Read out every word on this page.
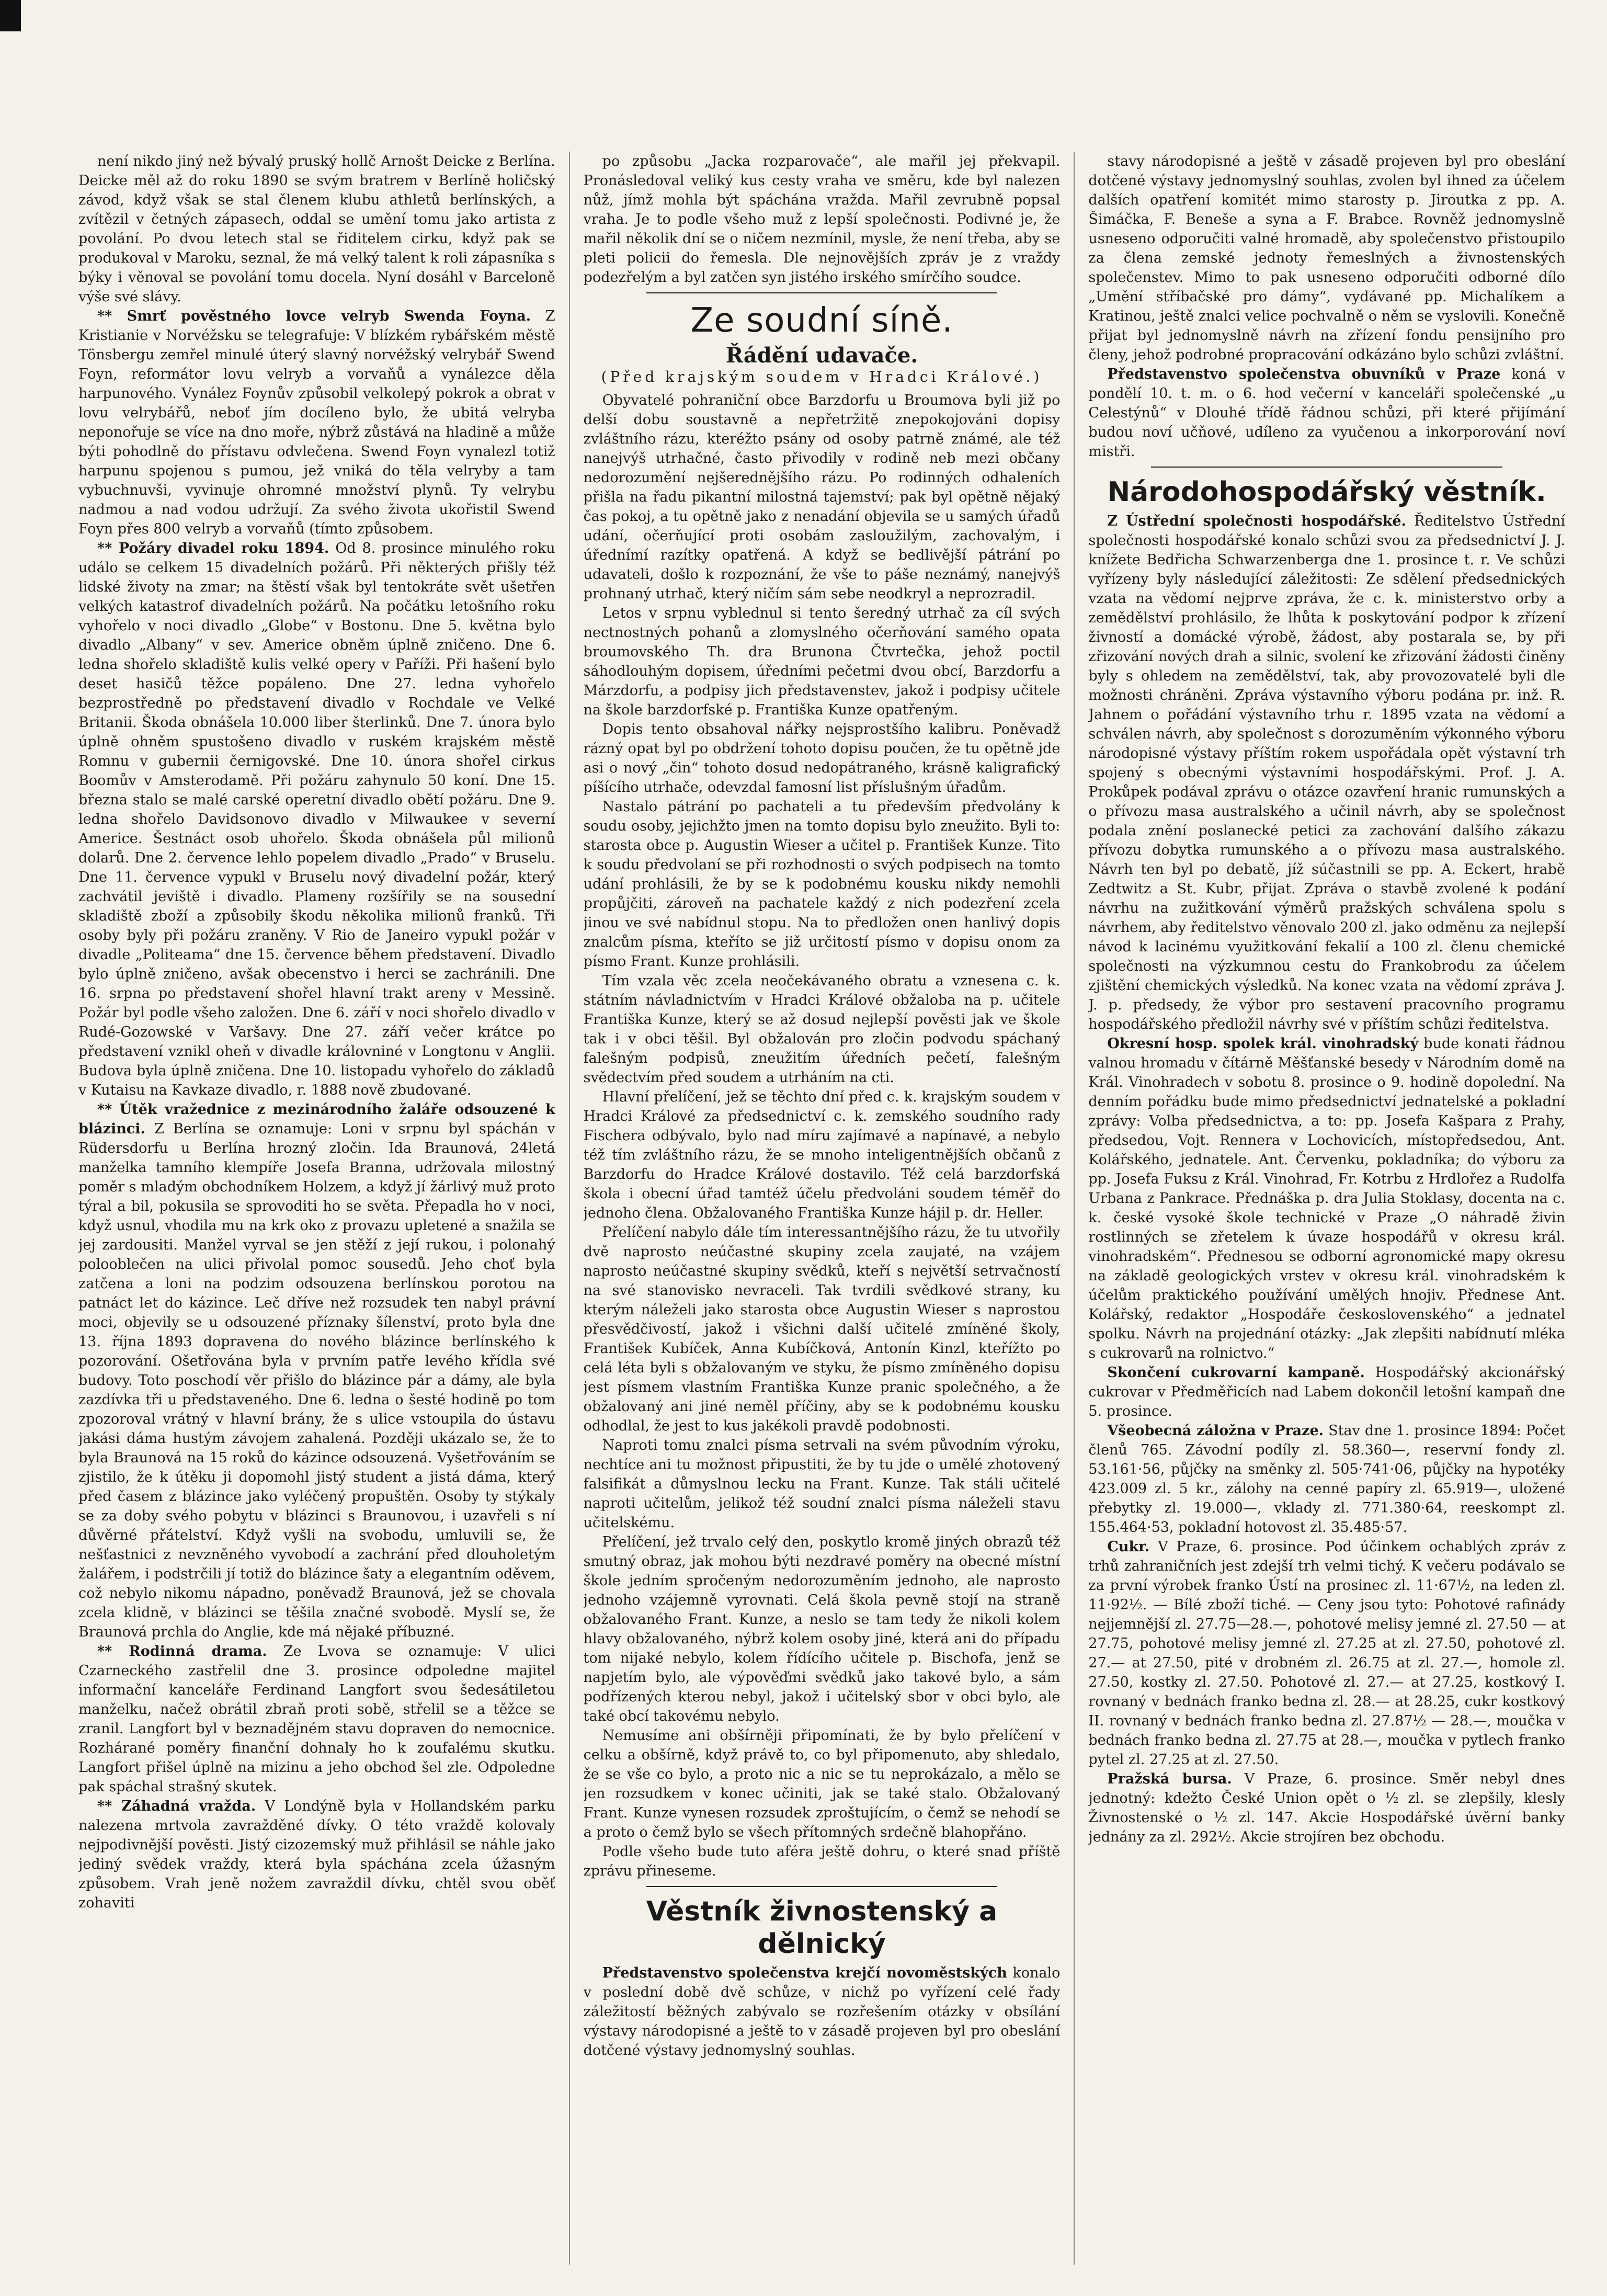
není nikdo jiný než bývalý pruský hollč Arnošt Deicke z Berlína. Deicke měl až do roku 1890 se svým bratrem v Berlíně holičský závod, když však se stal členem klubu athletů berlínských, a zvítězil v četných zápasech, oddal se umění tomu jako artista z povolání. Po dvou letech stal se řiditelem cirku, když pak se produkoval v Maroku, seznal, že má velký talent k roli zápasníka s býky i věnoval se povolání tomu docela. Nyní dosáhl v Barceloně výše své slávy.

** Smrť pověstného lovce velryb Swenda Foyna. Z Kristianie v Norvéžsku se telegrafuje: V blízkém rybářském městě Tönsbergu zemřel minulé úterý slavný norvéžský velrybář Swend Foyn, reformátor lovu velryb a vorvaňů a vynálezce děla harpunového. Vynález Foynův způsobil velkolepý pokrok a obrat v lovu velrybářů, neboť jím docíleno bylo, že ubitá velryba neponořuje se více na dno moře, nýbrž zůstává na hladině a může býti pohodlně do přístavu odvlečena. Swend Foyn vynalezl totiž harpunu spojenou s pumou, jež vniká do těla velryby a tam vybuchnuvši, vyvinuje ohromné množství plynů. Ty velrybu nadmou a nad vodou udržují. Za svého života ukořistil Swend Foyn přes 800 velryb a vorvaňů (tímto způsobem.

** Požáry divadel roku 1894. Od 8. prosince minulého roku událo se celkem 15 divadelních požárů. Při některých přišly též lidské životy na zmar; na štěstí však byl tentokráte svět ušetřen velkých katastrof divadelních požárů. Na počátku letošního roku vyhořelo v noci divadlo „Globe“ v Bostonu. Dne 5. května bylo divadlo „Albany“ v sev. Americe obněm úplně zničeno. Dne 6. ledna shořelo skladiště kulis velké opery v Paříži. Při hašení bylo deset hasičů těžce popáleno. Dne 27. ledna vyhořelo bezprostředně po představení divadlo v Rochdale ve Velké Britanii. Škoda obnášela 10.000 liber šterlinků. Dne 7. února bylo úplně ohněm spustošeno divadlo v ruském krajském městě Romnu v gubernii černigovské. Dne 10. února shořel cirkus Boomův v Amsterodamě. Při požáru zahynulo 50 koní. Dne 15. března stalo se malé carské operetní divadlo obětí požáru. Dne 9. ledna shořelo Davidsonovo divadlo v Milwaukee v severní Americe. Šestnáct osob uhořelo. Škoda obnášela půl milionů dolarů. Dne 2. července lehlo popelem divadlo „Prado“ v Bruselu. Dne 11. července vypukl v Bruselu nový divadelní požár, který zachvátil jeviště i divadlo. Plameny rozšířily se na sousední skladiště zboží a způsobily škodu několika milionů franků. Tři osoby byly při požáru zraněny. V Rio de Janeiro vypukl požár v divadle „Politeama“ dne 15. července během představení. Divadlo bylo úplně zničeno, avšak obecenstvo i herci se zachránili. Dne 16. srpna po představení shořel hlavní trakt areny v Messině. Požár byl podle všeho založen. Dne 6. září v noci shořelo divadlo v Rudé-Gozowské v Varšavy. Dne 27. září večer krátce po představení vznikl oheň v divadle královniné v Longtonu v Anglii. Budova byla úplně zničena. Dne 10. listopadu vyhořelo do základů v Kutaisu na Kavkaze divadlo, r. 1888 nově zbudované.

** Útěk vražednice z mezinárodního žaláře odsouzené k blázinci. Z Berlína se oznamuje: Loni v srpnu byl spáchán v Rüdersdorfu u Berlína hrozný zločin. Ida Braunová, 24letá manželka tamního klempíře Josefa Branna, udržovala milostný poměr s mladým obchodníkem Holzem, a když jí žárlivý muž proto týral a bil, pokusila se sprovoditi ho se světa. Přepadla ho v noci, když usnul, vhodila mu na krk oko z provazu upletené a snažila se jej zardousiti. Manžel vyrval se jen stěží z její rukou, i polonahý polooblečen na ulici přivolal pomoc sousedů. Jeho choť byla zatčena a loni na podzim odsouzena berlínskou porotou na patnáct let do kázince. Leč dříve než rozsudek ten nabyl právní moci, objevily se u odsouzené příznaky šílenství, proto byla dne 13. října 1893 dopravena do nového blázince berlínského k pozorování. Ošetřována byla v prvním patře levého křídla své budovy. Toto poschodí věr přišlo do blázince pár a dámy, ale byla zazdívka tři u představeného. Dne 6. ledna o šesté hodině po tom zpozoroval vrátný v hlavní brány, že s ulice vstoupila do ústavu jakási dáma hustým závojem zahalená. Později ukázalo se, že to byla Braunová na 15 roků do kázince odsouzená. Vyšetřováním se zjistilo, že k útěku ji dopomohl jistý student a jistá dáma, který před časem z blázince jako vyléčený propuštěn. Osoby ty stýkaly se za doby svého pobytu v blázinci s Braunovou, i uzavřeli s ní důvěrné přátelství. Když vyšli na svobodu, umluvili se, že nešťastnici z nevzněného vyvobodí a zachrání před dlouholetým žalářem, i podstrčili jí totiž do blázince šaty a elegantním oděvem, což nebylo nikomu nápadno, poněvadž Braunová, jež se chovala zcela klidně, v blázinci se těšila značné svobodě. Myslí se, že Braunová prchla do Anglie, kde má nějaké příbuzné.

** Rodinná drama. Ze Lvova se oznamuje: V ulici Czarneckého zastřelil dne 3. prosince odpoledne majitel informační kanceláře Ferdinand Langfort svou šedesátiletou manželku, načež obrátil zbraň proti sobě, střelil se a těžce se zranil. Langfort byl v beznadějném stavu dopraven do nemocnice. Rozhárané poměry finanční dohnaly ho k zoufalému skutku. Langfort přišel úplně na mizinu a jeho obchod šel zle. Odpoledne pak spáchal strašný skutek.

** Záhadná vražda. V Londýně byla v Hollandském parku nalezena mrtvola zavražděné dívky. O této vraždě kolovaly nejpodivnější pověsti. Jistý cizozemský muž přihlásil se náhle jako jediný svědek vraždy, která byla spáchána zcela úžasným způsobem. Vrah jeně nožem zavraždil dívku, chtěl svou oběť zohaviti

po způsobu „Jacka rozparovače“, ale mařil jej překvapil. Pronásledoval veliký kus cesty vraha ve směru, kde byl nalezen nůž, jímž mohla být spáchána vražda. Mařil zevrubně popsal vraha. Je to podle všeho muž z lepší společnosti. Podivné je, že mařil několik dní se o ničem nezmínil, mysle, že není třeba, aby se pleti policii do řemesla. Dle nejnovějších zpráv je z vraždy podezřelým a byl zatčen syn jistého irského smírčího soudce.

Ze soudní síně.
Řádění udavače.
(Před krajským soudem v Hradci Králové.)

Obyvatelé pohraniční obce Barzdorfu u Broumova byli již po delší dobu soustavně a nepřetržitě znepokojováni dopisy zvláštního rázu, kteréžto psány od osoby patrně známé, ale též nanejvýš utrhačné, často přivodily v rodině neb mezi občany nedorozumění nejšerednějšího rázu. Po rodinných odhaleních přišla na řadu pikantní milostná tajemství; pak byl opětně nějaký čas pokoj, a tu opětně jako z nenadání objevila se u samých úřadů udání, očerňující proti osobám zasloužilým, zachovalým, i úřednímí razítky opatřená. A když se bedlivější pátrání po udavateli, došlo k rozpoznání, že vše to páše neznámý, nanejvýš prohnaný utrhač, který ničím sám sebe neodkryl a neprozradil.

Letos v srpnu vyblednul si tento šeredný utrhač za cíl svých nectnostných pohanů a zlomyslného očerňování samého opata broumovského Th. dra Brunona Čtvrtečka, jehož poctil sáhodlouhým dopisem, úředními pečetmi dvou obcí, Barzdorfu a Márzdorfu, a podpisy jich představenstev, jakož i podpisy učitele na škole barzdorfské p. Františka Kunze opatřeným.

Dopis tento obsahoval nářky nejsprostšího kalibru. Poněvadž rázný opat byl po obdržení tohoto dopisu poučen, že tu opětně jde asi o nový „čin“ tohoto dosud nedopátraného, krásně kaligrafický píšícího utrhače, odevzdal famosní list příslušným úřadům.

Nastalo pátrání po pachateli a tu především předvolány k soudu osoby, jejichžto jmen na tomto dopisu bylo zneužito. Byli to: starosta obce p. Augustin Wieser a učitel p. František Kunze. Tito k soudu předvolaní se při rozhodnosti o svých podpisech na tomto udání prohlásili, že by se k podobnému kousku nikdy nemohli propůjčiti, zároveň na pachatele každý z nich podezření zcela jinou ve své nabídnul stopu. Na to předložen onen hanlivý dopis znalcům písma, kteříto se již určitostí písmo v dopisu onom za písmo Frant. Kunze prohlásili.

Tím vzala věc zcela neočekávaného obratu a vznesena c. k. státním návladnictvím v Hradci Králové obžaloba na p. učitele Františka Kunze, který se až dosud nejlepší pověsti jak ve škole tak i v obci těšil. Byl obžalován pro zločin podvodu spáchaný falešným podpisů, zneužitím úředních pečetí, falešným svědectvím před soudem a utrháním na cti.

Hlavní přelíčení, jež se těchto dní před c. k. krajským soudem v Hradci Králové za předsednictví c. k. zemského soudního rady Fischera odbývalo, bylo nad míru zajímavé a napínavé, a nebylo též tím zvláštního rázu, že se mnoho inteligentnějších občanů z Barzdorfu do Hradce Králové dostavilo. Též celá barzdorfská škola i obecní úřad tamtéž účelu předvoláni soudem téměř do jednoho člena. Obžalovaného Františka Kunze hájil p. dr. Heller.

Přelíčení nabylo dále tím interessantnějšího rázu, že tu utvořily dvě naprosto neúčastné skupiny zcela zaujaté, na vzájem naprosto neúčastné skupiny svědků, kteří s největší setrvačností na své stanovisko nevraceli. Tak tvrdili svědkové strany, ku kterým náleželi jako starosta obce Augustin Wieser s naprostou přesvědčivostí, jakož i všichni další učitelé zmíněné školy, František Kubíček, Anna Kubíčková, Antonín Kinzl, kteřížto po celá léta byli s obžalovaným ve styku, že písmo zmíněného dopisu jest písmem vlastním Františka Kunze pranic společného, a že obžalovaný ani jiné neměl příčiny, aby se k podobnému kousku odhodlal, že jest to kus jakékoli pravdě podobnosti.

Naproti tomu znalci písma setrvali na svém původním výroku, nechtíce ani tu možnost připustiti, že by tu jde o umělé zhotovený falsifikát a důmyslnou lecku na Frant. Kunze. Tak stáli učitelé naproti učitelům, jelikož též soudní znalci písma náleželi stavu učitelskému.

Přelíčení, jež trvalo celý den, poskytlo kromě jiných obrazů též smutný obraz, jak mohou býti nezdravé poměry na obecné místní škole jedním spročeným nedorozuměním jednoho, ale naprosto jednoho vzájemně vyrovnati. Celá škola pevně stojí na straně obžalovaného Frant. Kunze, a neslo se tam tedy že nikoli kolem hlavy obžalovaného, nýbrž kolem osoby jiné, která ani do případu tom nijaké nebylo, kolem řídícího učitele p. Bischofa, jenž se napjetím bylo, ale výpověďmi svědků jako takové bylo, a sám podřízených kterou nebyl, jakož i učitelský sbor v obci bylo, ale také obcí takovému nebylo.

Nemusíme ani obšírněji připomínati, že by bylo přelíčení v celku a obšírně, když právě to, co byl připomenuto, aby shledalo, že se vše co bylo, a proto nic a nic se tu neprokázalo, a mělo se jen rozsudkem v konec učiniti, jak se také stalo. Obžalovaný Frant. Kunze vynesen rozsudek zproštujícím, o čemž se nehodí se a proto o čemž bylo se všech přítomných srdečně blahopřáno.

Podle všeho bude tuto aféra ještě dohru, o které snad příště zprávu přineseme.

Věstník živnostenský a dělnický

Představenstvo společenstva krejčí novoměstských konalo v poslední době dvě schůze, v nichž po vyřízení celé řady záležitostí běžných zabývalo se rozřešením otázky v obsílání výstavy národopisné a ještě to v zásadě projeven byl pro obeslání dotčené výstavy jednomyslný souhlas.

stavy národopisné a ještě v zásadě projeven byl pro obeslání dotčené výstavy jednomyslný souhlas, zvolen byl ihned za účelem dalších opatření komitét mimo starosty p. Jiroutka z pp. A. Šimáčka, F. Beneše a syna a F. Brabce. Rovněž jednomyslně usneseno odporučiti valné hromadě, aby společenstvo přistoupilo za člena zemské jednoty řemeslných a živnostenských společenstev. Mimo to pak usneseno odporučiti odborné dílo „Umění stříbačské pro dámy“, vydávané pp. Michalíkem a Kratinou, ještě znalci velice pochvalně o něm se vyslovili. Konečně přijat byl jednomyslně návrh na zřízení fondu pensijního pro členy, jehož podrobné propracování odkázáno bylo schůzi zvláštní.

Představenstvo společenstva obuvníků v Praze koná v pondělí 10. t. m. o 6. hod večerní v kanceláři společenské „u Celestýnů“ v Dlouhé třídě řádnou schůzi, při které přijímání budou noví učňové, udíleno za vyučenou a inkorporování noví mistři.

Národohospodářský věstník.

Z Ústřední společnosti hospodářské. Ředitelstvo Ústřední společnosti hospodářské konalo schůzi svou za předsednictví J. J. knížete Bedřicha Schwarzenberga dne 1. prosince t. r. Ve schůzi vyřízeny byly následující záležitosti: Ze sdělení předsednických vzata na vědomí nejprve zpráva, že c. k. ministerstvo orby a zemědělství prohlásilo, že lhůta k poskytování podpor k zřízení živností a domácké výrobě, žádost, aby postarala se, by při zřizování nových drah a silnic, svolení ke zřizování žádosti činěny byly s ohledem na zemědělství, tak, aby provozovatelé byli dle možnosti chráněni. Zpráva výstavního výboru podána pr. inž. R. Jahnem o pořádání výstavního trhu r. 1895 vzata na vědomí a schválen návrh, aby společnost s dorozuměním výkonného výboru národopisné výstavy příštím rokem uspořádala opět výstavní trh spojený s obecnými výstavními hospodářskými. Prof. J. A. Prokůpek podával zprávu o otázce ozavření hranic rumunských a o přívozu masa australského a učinil návrh, aby se společnost podala znění poslanecké petici za zachování dalšího zákazu přívozu dobytka rumunského a o přívozu masa australského. Návrh ten byl po debatě, jíž súčastnili se pp. A. Eckert, hrabě Zedtwitz a St. Kubr, přijat. Zpráva o stavbě zvolené k podání návrhu na zužitkování výměrů pražských schválena spolu s návrhem, aby ředitelstvo věnovalo 200 zl. jako odměnu za nejlepší návod k lacinému využitkování fekalií a 100 zl. členu chemické společnosti na výzkumnou cestu do Frankobrodu za účelem zjištění chemických výsledků. Na konec vzata na vědomí zpráva J. J. p. předsedy, že výbor pro sestavení pracovního programu hospodářského předložil návrhy své v příštím schůzi ředitelstva.

Okresní hosp. spolek král. vinohradský bude konati řádnou valnou hromadu v čítárně Měšťanské besedy v Národním domě na Král. Vinohradech v sobotu 8. prosince o 9. hodině dopolední. Na denním pořádku bude mimo předsednictví jednatelské a pokladní zprávy: Volba předsednictva, a to: pp. Josefa Kašpara z Prahy, předsedou, Vojt. Rennera v Lochovicích, místopředsedou, Ant. Kolářského, jednatele. Ant. Červenku, pokladníka; do výboru za pp. Josefa Fuksu z Král. Vinohrad, Fr. Kotrbu z Hrdlořez a Rudolfa Urbana z Pankrace. Přednáška p. dra Julia Stoklasy, docenta na c. k. české vysoké škole technické v Praze „O náhradě živin rostlinných se zřetelem k úvaze hospodářů v okresu král. vinohradském“. Přednesou se odborní agronomické mapy okresu na základě geologických vrstev v okresu král. vinohradském k účelům praktického používání umělých hnojiv. Přednese Ant. Kolářský, redaktor „Hospodáře československého“ a jednatel spolku. Návrh na projednání otázky: „Jak zlepšiti nabídnutí mléka s cukrovarů na rolnictvo.“

Skončení cukrovarní kampaně. Hospodářský akcionářský cukrovar v Předměřicích nad Labem dokončil letošní kampaň dne 5. prosince.

Všeobecná záložna v Praze. Stav dne 1. prosince 1894: Počet členů 765. Závodní podíly zl. 58.360—, reservní fondy zl. 53.161·56, půjčky na směnky zl. 505·741·06, půjčky na hypotéky 423.009 zl. 5 kr., zálohy na cenné papíry zl. 65.919—, uložené přebytky zl. 19.000—, vklady zl. 771.380·64, reeskompt zl. 155.464·53, pokladní hotovost zl. 35.485·57.

Cukr. V Praze, 6. prosince. Pod účinkem ochablých zpráv z trhů zahraničních jest zdejší trh velmi tichý. K večeru podávalo se za první výrobek franko Ústí na prosinec zl. 11·67½, na leden zl. 11·92½. — Bílé zboží tiché. — Ceny jsou tyto: Pohotové rafinády nejjemnější zl. 27.75—28.—, pohotové melisy jemné zl. 27.50 — at 27.75, pohotové melisy jemné zl. 27.25 at zl. 27.50, pohotové zl. 27.— at 27.50, pité v drobném zl. 26.75 at zl. 27.—, homole zl. 27.50, kostky zl. 27.50. Pohotové zl. 27.— at 27.25, kostkový I. rovnaný v bednách franko bedna zl. 28.— at 28.25, cukr kostkový II. rovnaný v bednách franko bedna zl. 27.87½ — 28.—, moučka v bednách franko bedna zl. 27.75 at 28.—, moučka v pytlech franko pytel zl. 27.25 at zl. 27.50.

Pražská bursa. V Praze, 6. prosince. Směr nebyl dnes jednotný: kdežto České Union opět o ½ zl. se zlepšily, klesly Živnostenské o ½ zl. 147. Akcie Hospodářské úvěrní banky jednány za zl. 292½. Akcie strojíren bez obchodu.
